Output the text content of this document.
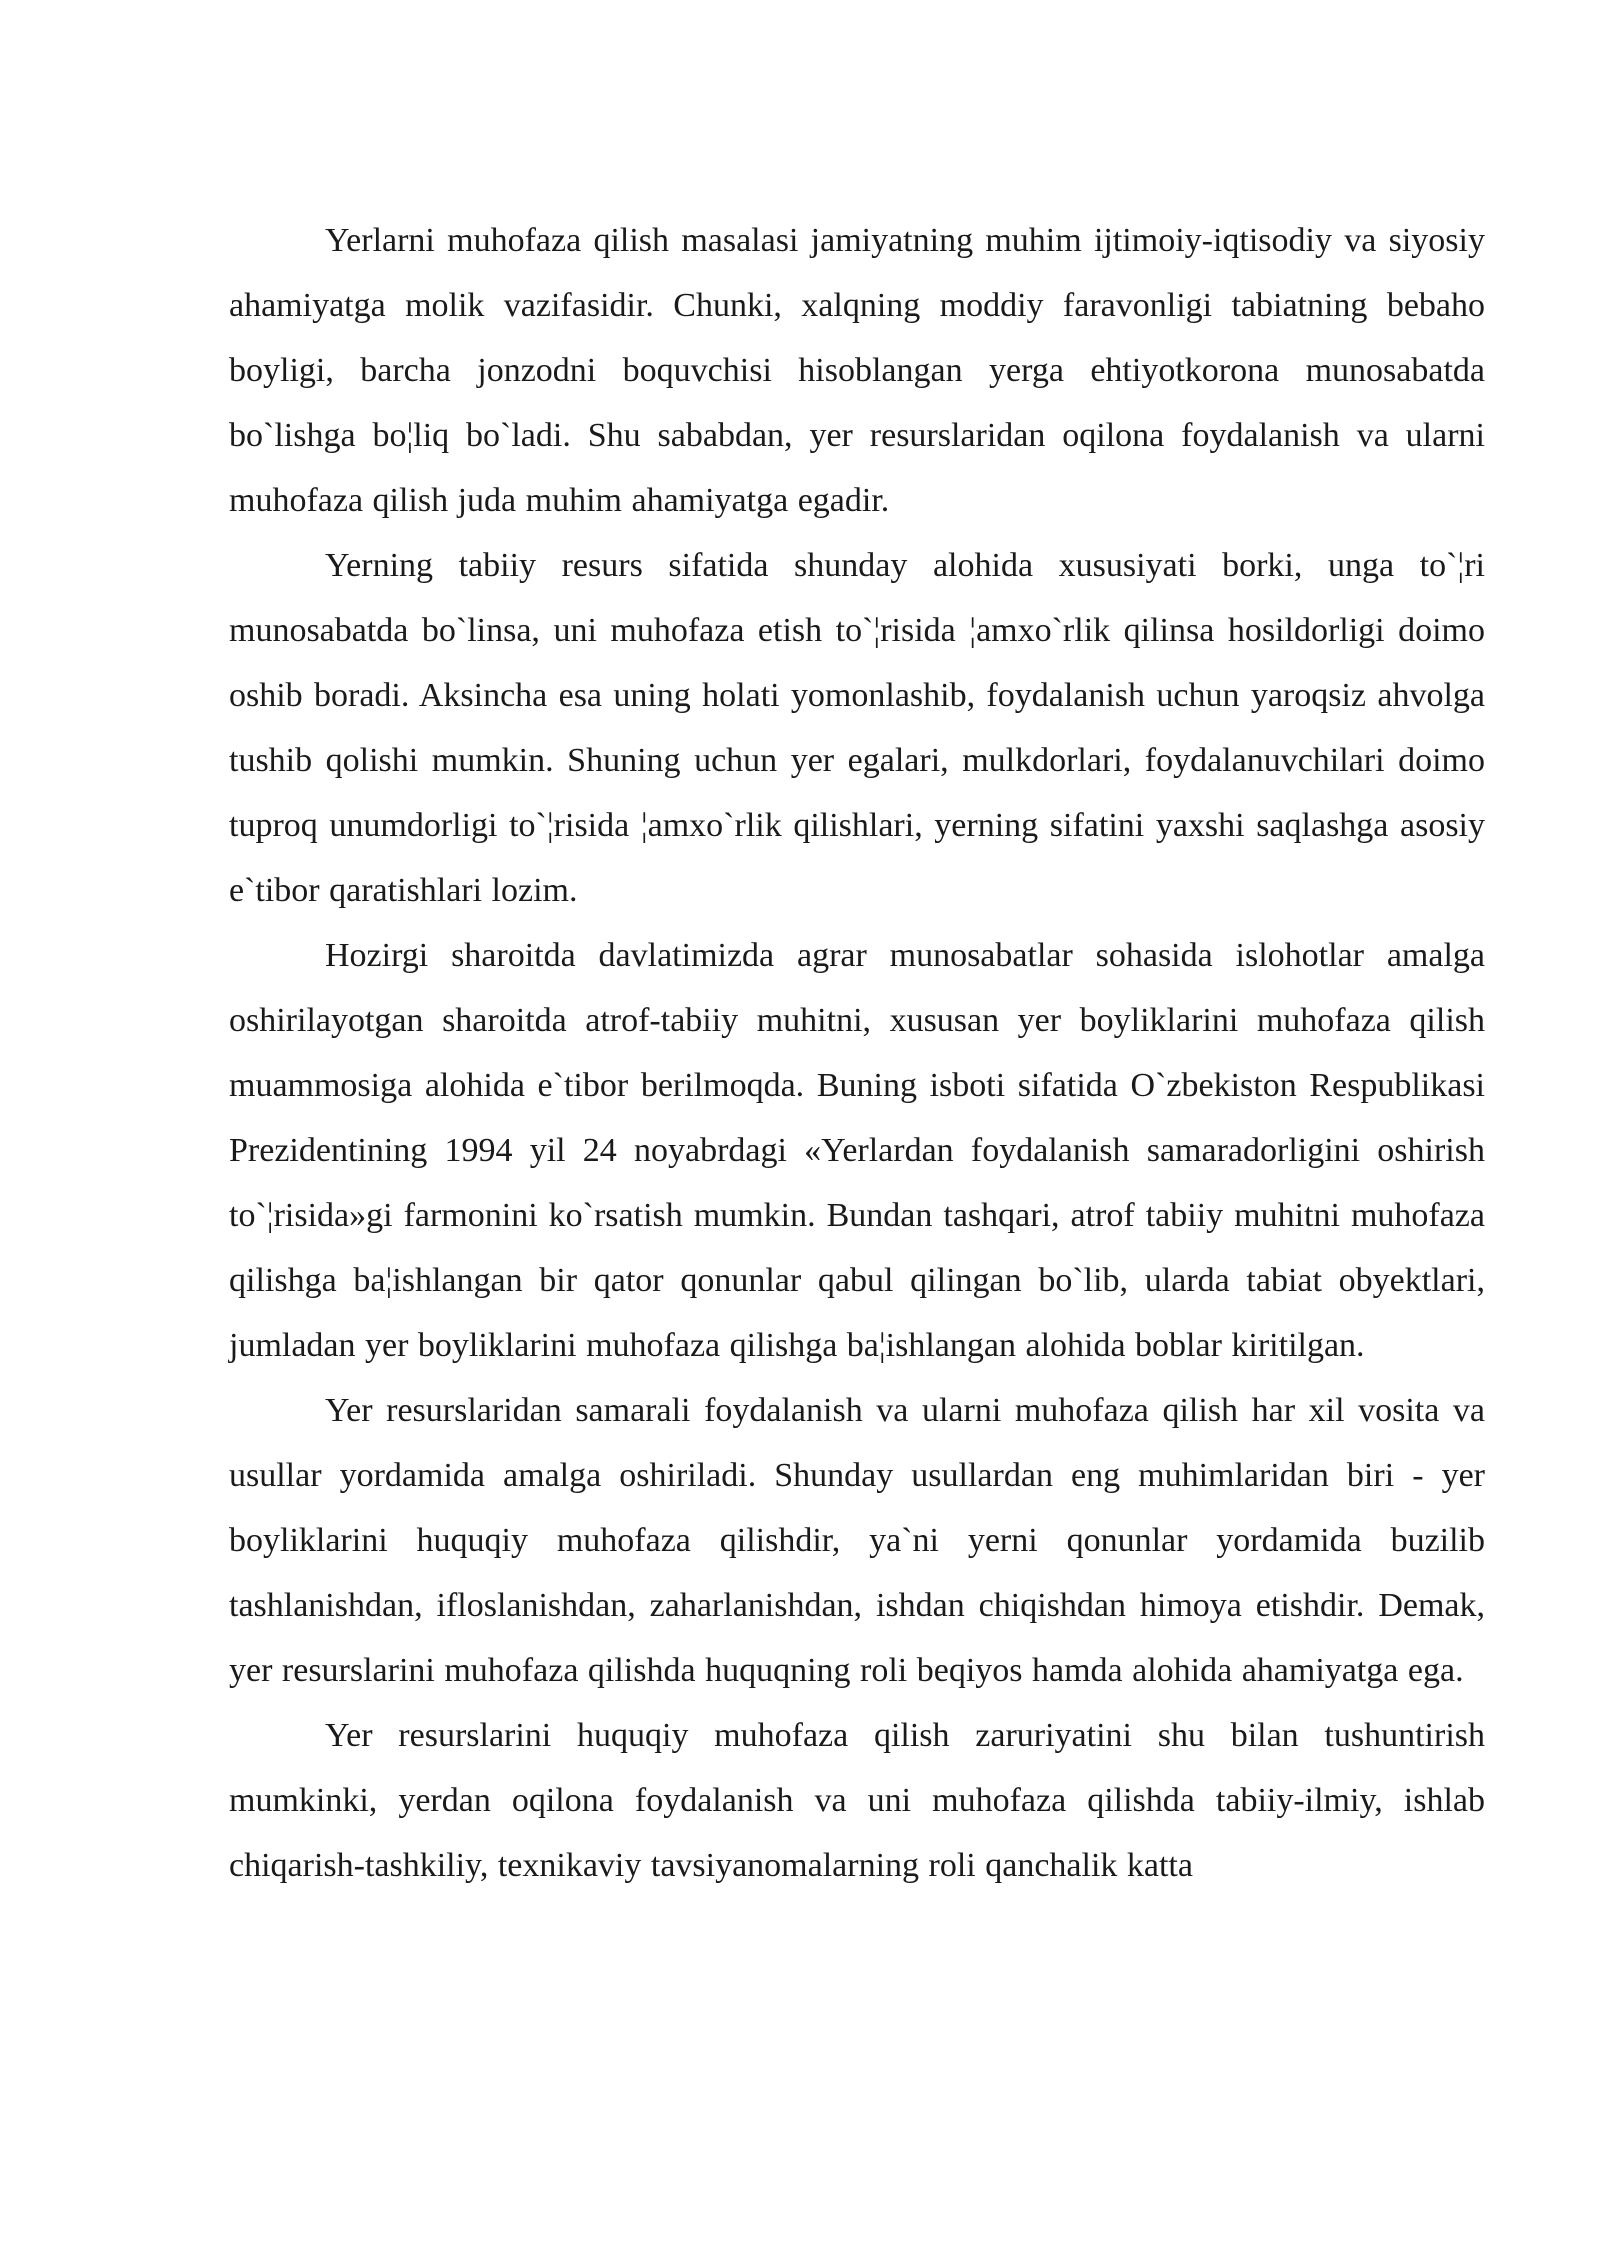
Yerlarni muhofaza qilish masalasi jamiyatning muhim ijtimoiy-iqtisodiy va siyosiy ahamiyatga molik vazifasidir. Chunki, xalqning moddiy faravonligi tabiatning bebaho boyligi, barcha jonzodni boquvchisi hisoblangan yerga ehtiyotkorona munosabatda bo`lishga bo¦liq bo`ladi. Shu sababdan, yer resurslaridan oqilona foydalanish va ularni muhofaza qilish juda muhim ahamiyatga egadir.

Yerning tabiiy resurs sifatida shunday alohida xususiyati borki, unga to`¦ri munosabatda bo`linsa, uni muhofaza etish to`¦risida ¦amxo`rlik qilinsa hosildorligi doimo oshib boradi. Aksincha esa uning holati yomonlashib, foydalanish uchun yaroqsiz ahvolga tushib qolishi mumkin. Shuning uchun yer egalari, mulkdorlari, foydalanuvchilari doimo tuproq unumdorligi to`¦risida ¦amxo`rlik qilishlari, yerning sifatini yaxshi saqlashga asosiy e`tibor qaratishlari lozim.

Hozirgi sharoitda davlatimizda agrar munosabatlar sohasida islohotlar amalga oshirilayotgan sharoitda atrof-tabiiy muhitni, xususan yer boyliklarini muhofaza qilish muammosiga alohida e`tibor berilmoqda. Buning isboti sifatida O`zbekiston Respublikasi Prezidentining 1994 yil 24 noyabrdagi «Yerlardan foydalanish samaradorligini oshirish to`¦risida»gi farmonini ko`rsatish mumkin. Bundan tashqari, atrof tabiiy muhitni muhofaza qilishga ba¦ishlangan bir qator qonunlar qabul qilingan bo`lib, ularda tabiat obyektlari, jumladan yer boyliklarini muhofaza qilishga ba¦ishlangan alohida boblar kiritilgan.

Yer resurslaridan samarali foydalanish va ularni muhofaza qilish har xil vosita va usullar yordamida amalga oshiriladi. Shunday usullardan eng muhimlaridan biri - yer boyliklarini huquqiy muhofaza qilishdir, ya`ni yerni qonunlar yordamida buzilib tashlanishdan, ifloslanishdan, zaharlanishdan, ishdan chiqishdan himoya etishdir. Demak, yer resurslarini muhofaza qilishda huquqning roli beqiyos hamda alohida ahamiyatga ega.

Yer resurslarini huquqiy muhofaza qilish zaruriyatini shu bilan tushuntirish mumkinki, yerdan oqilona foydalanish va uni muhofaza qilishda tabiiy-ilmiy, ishlab chiqarish-tashkiliy, texnikaviy tavsiyanomalarning roli qanchalik katta
